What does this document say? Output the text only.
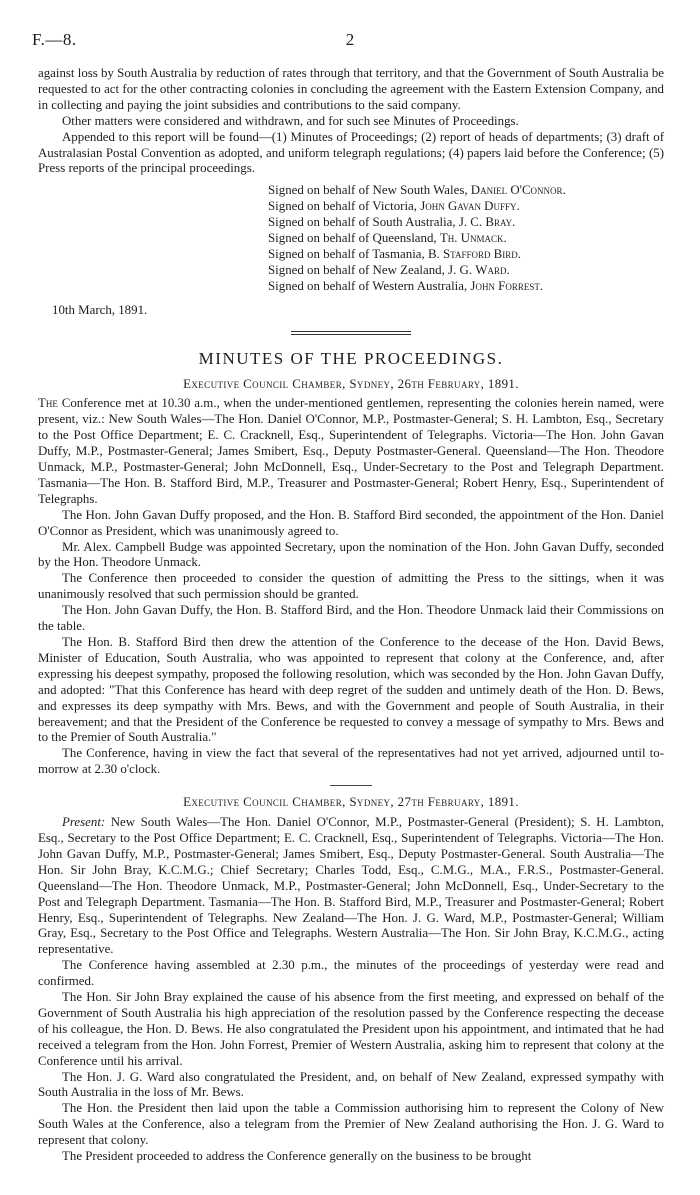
F.—8.	2

against loss by South Australia by reduction of rates through that territory, and that the Government of South Australia be requested to act for the other contracting colonies in concluding the agreement with the Eastern Extension Company, and in collecting and paying the joint subsidies and contributions to the said company.

Other matters were considered and withdrawn, and for such see Minutes of Proceedings.

Appended to this report will be found—(1) Minutes of Proceedings; (2) report of heads of departments; (3) draft of Australasian Postal Convention as adopted, and uniform telegraph regulations; (4) papers laid before the Conference; (5) Press reports of the principal proceedings.

Signed on behalf of New South Wales, Daniel O'Connor.
Signed on behalf of Victoria, John Gavan Duffy.
Signed on behalf of South Australia, J. C. Bray.
Signed on behalf of Queensland, Th. Unmack.
Signed on behalf of Tasmania, B. Stafford Bird.
Signed on behalf of New Zealand, J. G. Ward.
Signed on behalf of Western Australia, John Forrest.
10th March, 1891.
MINUTES OF THE PROCEEDINGS.
Executive Council Chamber, Sydney, 26th February, 1891.

The Conference met at 10.30 a.m., when the under-mentioned gentlemen, representing the colonies herein named, were present, viz.: New South Wales—The Hon. Daniel O'Connor, M.P., Postmaster-General; S. H. Lambton, Esq., Secretary to the Post Office Department; E. C. Cracknell, Esq., Superintendent of Telegraphs. Victoria—The Hon. John Gavan Duffy, M.P., Postmaster-General; James Smibert, Esq., Deputy Postmaster-General. Queensland—The Hon. Theodore Unmack, M.P., Postmaster-General; John McDonnell, Esq., Under-Secretary to the Post and Telegraph Department. Tasmania—The Hon. B. Stafford Bird, M.P., Treasurer and Postmaster-General; Robert Henry, Esq., Superintendent of Telegraphs.

The Hon. John Gavan Duffy proposed, and the Hon. B. Stafford Bird seconded, the appointment of the Hon. Daniel O'Connor as President, which was unanimously agreed to.

Mr. Alex. Campbell Budge was appointed Secretary, upon the nomination of the Hon. John Gavan Duffy, seconded by the Hon. Theodore Unmack.

The Conference then proceeded to consider the question of admitting the Press to the sittings, when it was unanimously resolved that such permission should be granted.

The Hon. John Gavan Duffy, the Hon. B. Stafford Bird, and the Hon. Theodore Unmack laid their Commissions on the table.

The Hon. B. Stafford Bird then drew the attention of the Conference to the decease of the Hon. David Bews, Minister of Education, South Australia, who was appointed to represent that colony at the Conference, and, after expressing his deepest sympathy, proposed the following resolution, which was seconded by the Hon. John Gavan Duffy, and adopted: "That this Conference has heard with deep regret of the sudden and untimely death of the Hon. D. Bews, and expresses its deep sympathy with Mrs. Bews, and with the Government and people of South Australia, in their bereavement; and that the President of the Conference be requested to convey a message of sympathy to Mrs. Bews and to the Premier of South Australia."

The Conference, having in view the fact that several of the representatives had not yet arrived, adjourned until to-morrow at 2.30 o'clock.

Executive Council Chamber, Sydney, 27th February, 1891.

Present: New South Wales—The Hon. Daniel O'Connor, M.P., Postmaster-General (President); S. H. Lambton, Esq., Secretary to the Post Office Department; E. C. Cracknell, Esq., Superintendent of Telegraphs. Victoria—The Hon. John Gavan Duffy, M.P., Postmaster-General; James Smibert, Esq., Deputy Postmaster-General. South Australia—The Hon. Sir John Bray, K.C.M.G.; Chief Secretary; Charles Todd, Esq., C.M.G., M.A., F.R.S., Postmaster-General. Queensland—The Hon. Theodore Unmack, M.P., Postmaster-General; John McDonnell, Esq., Under-Secretary to the Post and Telegraph Department. Tasmania—The Hon. B. Stafford Bird, M.P., Treasurer and Postmaster-General; Robert Henry, Esq., Superintendent of Telegraphs. New Zealand—The Hon. J. G. Ward, M.P., Postmaster-General; William Gray, Esq., Secretary to the Post Office and Telegraphs. Western Australia—The Hon. Sir John Bray, K.C.M.G., acting representative.

The Conference having assembled at 2.30 p.m., the minutes of the proceedings of yesterday were read and confirmed.

The Hon. Sir John Bray explained the cause of his absence from the first meeting, and expressed on behalf of the Government of South Australia his high appreciation of the resolution passed by the Conference respecting the decease of his colleague, the Hon. D. Bews. He also congratulated the President upon his appointment, and intimated that he had received a telegram from the Hon. John Forrest, Premier of Western Australia, asking him to represent that colony at the Conference until his arrival.

The Hon. J. G. Ward also congratulated the President, and, on behalf of New Zealand, expressed sympathy with South Australia in the loss of Mr. Bews.

The Hon. the President then laid upon the table a Commission authorising him to represent the Colony of New South Wales at the Conference, also a telegram from the Premier of New Zealand authorising the Hon. J. G. Ward to represent that colony.

The President proceeded to address the Conference generally on the business to be brought
